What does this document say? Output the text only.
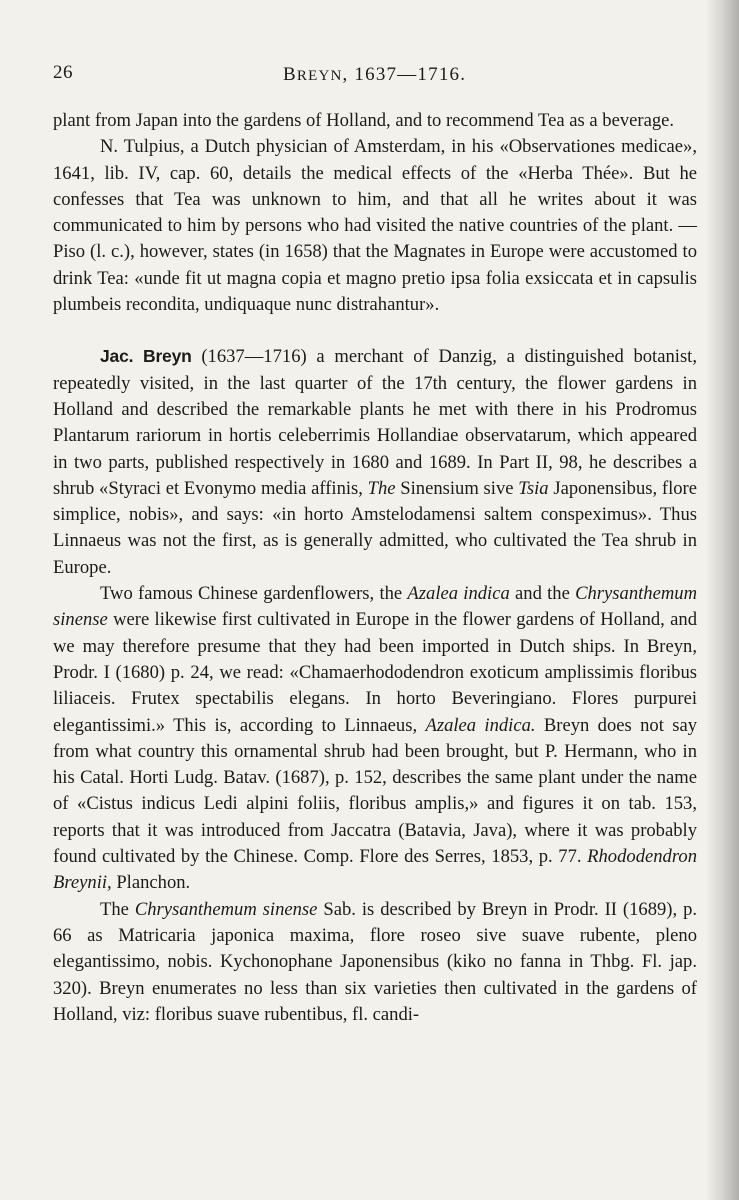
26	BREYN, 1637—1716.

plant from Japan into the gardens of Holland, and to recommend Tea as a beverage.

N. Tulpius, a Dutch physician of Amsterdam, in his «Observationes medicae», 1641, lib. IV, cap. 60, details the medical effects of the «Herba Thée». But he confesses that Tea was unknown to him, and that all he writes about it was communicated to him by persons who had visited the native countries of the plant. — Piso (l. c.), however, states (in 1658) that the Magnates in Europe were accustomed to drink Tea: «unde fit ut magna copia et magno pretio ipsa folia exsiccata et in capsulis plumbeis recondita, undiquaque nunc distrahantur».

Jac. Breyn (1637—1716) a merchant of Danzig, a distinguished botanist, repeatedly visited, in the last quarter of the 17th century, the flower gardens in Holland and described the remarkable plants he met with there in his Prodromus Plantarum rariorum in hortis celeberrimis Hollandiae observatarum, which appeared in two parts, published respectively in 1680 and 1689. In Part II, 98, he describes a shrub «Styraci et Evonymo media affinis, The Sinensium sive Tsia Japonensibus, flore simplice, nobis», and says: «in horto Amstelodamensi saltem conspeximus». Thus Linnaeus was not the first, as is generally admitted, who cultivated the Tea shrub in Europe.

Two famous Chinese gardenflowers, the Azalea indica and the Chrysanthemum sinense were likewise first cultivated in Europe in the flower gardens of Holland, and we may therefore presume that they had been imported in Dutch ships. In Breyn, Prodr. I (1680) p. 24, we read: «Chamaerhododendron exoticum amplissimis floribus liliaceis. Frutex spectabilis elegans. In horto Beveringiano. Flores purpurei elegantissimi.» This is, according to Linnaeus, Azalea indica. Breyn does not say from what country this ornamental shrub had been brought, but P. Hermann, who in his Catal. Horti Ludg. Batav. (1687), p. 152, describes the same plant under the name of «Cistus indicus Ledi alpini foliis, floribus amplis,» and figures it on tab. 153, reports that it was introduced from Jaccatra (Batavia, Java), where it was probably found cultivated by the Chinese. Comp. Flore des Serres, 1853, p. 77. Rhododendron Breynii, Planchon.

The Chrysanthemum sinense Sab. is described by Breyn in Prodr. II (1689), p. 66 as Matricaria japonica maxima, flore roseo sive suave rubente, pleno elegantissimo, nobis. Kychonophane Japonensibus (kiko no fanna in Thbg. Fl. jap. 320). Breyn enumerates no less than six varieties then cultivated in the gardens of Holland, viz: floribus suave rubentibus, fl. candi-
